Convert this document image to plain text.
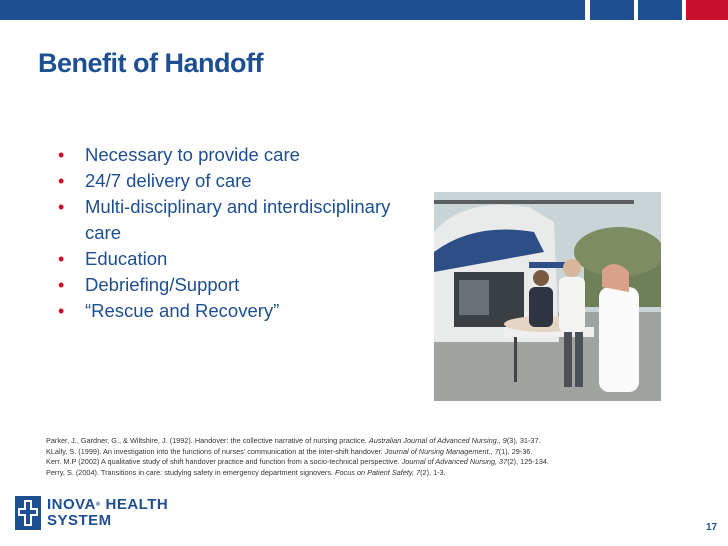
Benefit of Handoff
• Necessary to provide care
• 24/7 delivery of care
• Multi-disciplinary and interdisciplinary care
• Education
• Debriefing/Support
• “Rescue and Recovery”

Parker, J., Gardner, G., & Wiltshire, J. (1992). Handover: the collective narrative of nursing practice. Australian Journal of Advanced Nursing., 9(3), 31-37.

KLally, S. (1999). An investigation into the functions of nurses' communication at the inter-shift handover. Journal of Nursing Management., 7(1), 29-36.

Kerr. M.P (2002) A qualitative study of shift handover practice and function from a socio-technical perspective. Journal of Advanced Nursing, 37(2), 125-134.

Perry, S. (2004). Transitions in care: studying safety in emergency department signovers. Focus on Patient Safety, 7(2), 1-3.

INOVA® HEALTH
SYSTEM	17
